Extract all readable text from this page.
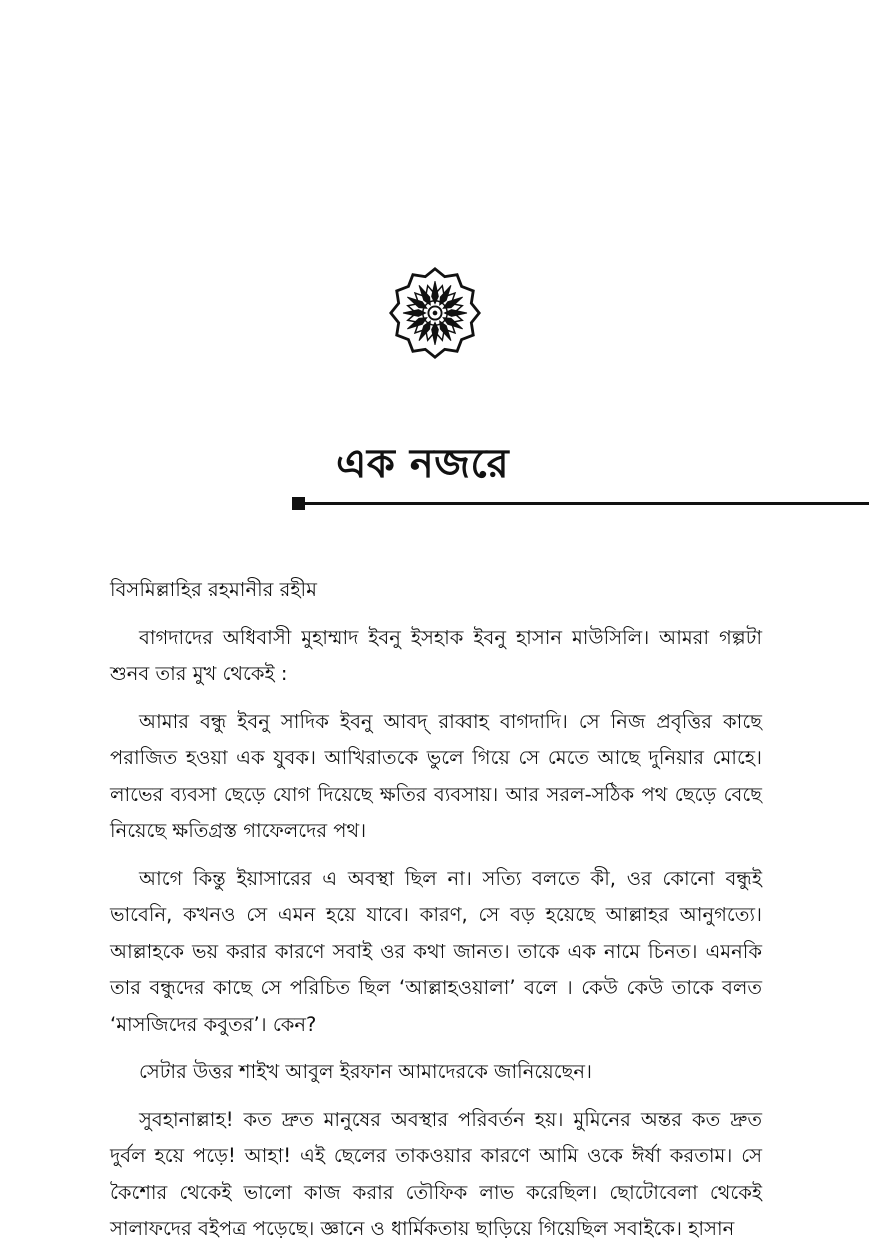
এক নজরে

বিসমিল্লাহির রহমানীর রহীম

বাগদাদের অধিবাসী মুহাম্মাদ ইবনু ইসহাক ইবনু হাসান মাউসিলি। আমরা গল্পটা শুনব তার মুখ থেকেই :

আমার বন্ধু ইবনু সাদিক ইবনু আবদ্ রাব্বাহ বাগদাদি। সে নিজ প্রবৃত্তির কাছে পরাজিত হওয়া এক যুবক। আখিরাতকে ভুলে গিয়ে সে মেতে আছে দুনিয়ার মোহে। লাভের ব্যবসা ছেড়ে যোগ দিয়েছে ক্ষতির ব্যবসায়। আর সরল-সঠিক পথ ছেড়ে বেছে নিয়েছে ক্ষতিগ্রস্ত গাফেলদের পথ।

আগে কিন্তু ইয়াসারের এ অবস্থা ছিল না। সত্যি বলতে কী, ওর কোনো বন্ধুই ভাবেনি, কখনও সে এমন হয়ে যাবে। কারণ, সে বড় হয়েছে আল্লাহর আনুগত্যে। আল্লাহকে ভয় করার কারণে সবাই ওর কথা জানত। তাকে এক নামে চিনত। এমনকি তার বন্ধুদের কাছে সে পরিচিত ছিল ‘আল্লাহওয়ালা’ বলে । কেউ কেউ তাকে বলত ‘মাসজিদের কবুতর’। কেন?

সেটার উত্তর শাইখ আবুল ইরফান আমাদেরকে জানিয়েছেন।

সুবহানাল্লাহ! কত দ্রুত মানুষের অবস্থার পরিবর্তন হয়। মুমিনের অন্তর কত দ্রুত দুর্বল হয়ে পড়ে! আহা! এই ছেলের তাকওয়ার কারণে আমি ওকে ঈর্ষা করতাম। সে কৈশোর থেকেই ভালো কাজ করার তৌফিক লাভ করেছিল। ছোটোবেলা থেকেই সালাফদের বইপত্র পড়েছে। জ্ঞানে ও ধার্মিকতায় ছাড়িয়ে গিয়েছিল সবাইকে। হাসান
